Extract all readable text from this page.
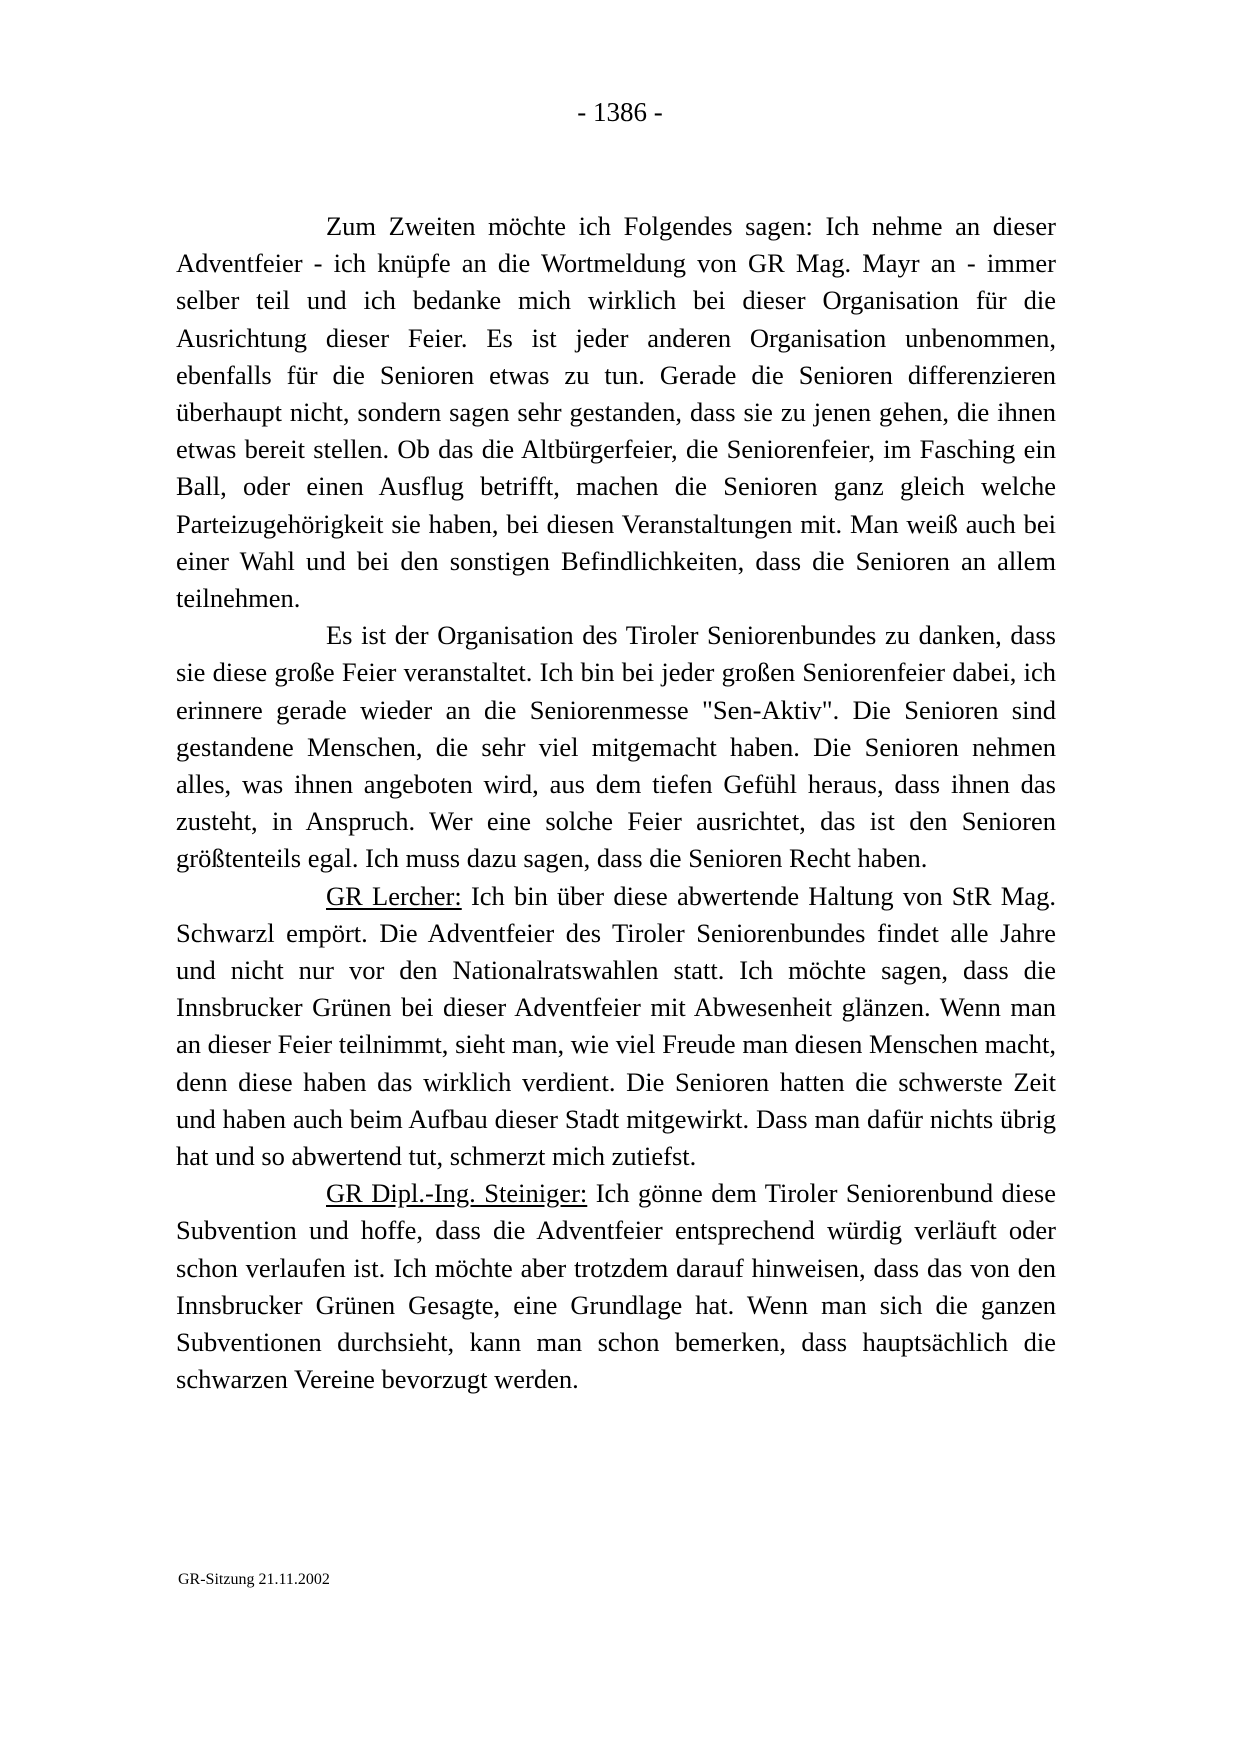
- 1386 -

Zum Zweiten möchte ich Folgendes sagen: Ich nehme an dieser Adventfeier - ich knüpfe an die Wortmeldung von GR Mag. Mayr an - immer selber teil und ich bedanke mich wirklich bei dieser Organisation für die Ausrichtung dieser Feier. Es ist jeder anderen Organisation unbenommen, ebenfalls für die Senioren etwas zu tun. Gerade die Senioren differenzieren überhaupt nicht, sondern sagen sehr gestanden, dass sie zu jenen gehen, die ihnen etwas bereit stellen. Ob das die Altbürgerfeier, die Seniorenfeier, im Fasching ein Ball, oder einen Ausflug betrifft, machen die Senioren ganz gleich welche Parteizugehörigkeit sie haben, bei diesen Veranstaltungen mit. Man weiß auch bei einer Wahl und bei den sonstigen Befindlichkeiten, dass die Senioren an allem teilnehmen.

Es ist der Organisation des Tiroler Seniorenbundes zu danken, dass sie diese große Feier veranstaltet. Ich bin bei jeder großen Seniorenfeier dabei, ich erinnere gerade wieder an die Seniorenmesse "Sen-Aktiv". Die Senioren sind gestandene Menschen, die sehr viel mitgemacht haben. Die Senioren nehmen alles, was ihnen angeboten wird, aus dem tiefen Gefühl heraus, dass ihnen das zusteht, in Anspruch. Wer eine solche Feier ausrichtet, das ist den Senioren größtenteils egal. Ich muss dazu sagen, dass die Senioren Recht haben.

GR Lercher: Ich bin über diese abwertende Haltung von StR Mag. Schwarzl empört. Die Adventfeier des Tiroler Seniorenbundes findet alle Jahre und nicht nur vor den Nationalratswahlen statt. Ich möchte sagen, dass die Innsbrucker Grünen bei dieser Adventfeier mit Abwesenheit glänzen. Wenn man an dieser Feier teilnimmt, sieht man, wie viel Freude man diesen Menschen macht, denn diese haben das wirklich verdient. Die Senioren hatten die schwerste Zeit und haben auch beim Aufbau dieser Stadt mitgewirkt. Dass man dafür nichts übrig hat und so abwertend tut, schmerzt mich zutiefst.

GR Dipl.-Ing. Steiniger: Ich gönne dem Tiroler Seniorenbund diese Subvention und hoffe, dass die Adventfeier entsprechend würdig verläuft oder schon verlaufen ist. Ich möchte aber trotzdem darauf hinweisen, dass das von den Innsbrucker Grünen Gesagte, eine Grundlage hat. Wenn man sich die ganzen Subventionen durchsieht, kann man schon bemerken, dass hauptsächlich die schwarzen Vereine bevorzugt werden.

GR-Sitzung 21.11.2002
